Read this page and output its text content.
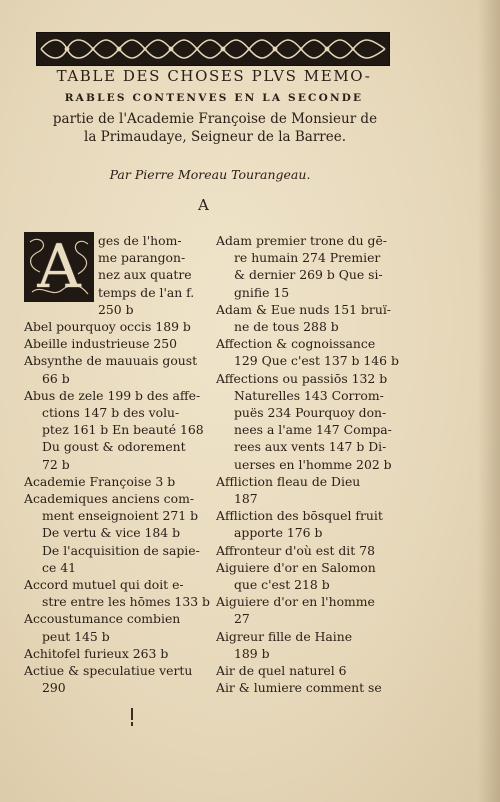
TABLE DES CHOSES PLVS MEMO-
RABLES CONTENVES EN LA SECONDE
partie de l'Academie Françoise de Monsieur de
la Primaudaye, Seigneur de la Barree.
Par Pierre Moreau Tourangeau.
A
A	ges de l'hom-
me parangon-
nez aux quatre
temps de l'an f.
250 b
Abel pourquoy occis 189 b
Abeille industrieuse 250
Absynthe de mauuais goust
66 b
Abus de zele 199 b des affe-
ctions 147 b des volu-
ptez 161 b En beauté 168
Du goust & odorement
72 b
Academie Françoise 3 b
Academiques anciens com-
ment enseignoient 271 b
De vertu & vice 184 b
De l'acquisition de sapie-
ce 41
Accord mutuel qui doit e-
stre entre les hōmes 133 b
Accoustumance combien
peut 145 b
Achitofel furieux 263 b
Actiue & speculatiue vertu
290
Adam premier trone du gē-
re humain 274 Premier
& dernier 269 b Que si-
gnifie 15
Adam & Eue nuds 151 bruï-
ne de tous 288 b
Affection & cognoissance
129 Que c'est 137 b 146 b
Affections ou passiōs 132 b
Naturelles 143 Corrom-
puës 234 Pourquoy don-
nees a l'ame 147 Compa-
rees aux vents 147 b Di-
uerses en l'homme 202 b
Affliction fleau de Dieu
187
Affliction des bōsquel fruit
apporte 176 b
Affronteur d'où est dit 78
Aiguiere d'or en Salomon
que c'est 218 b
Aiguiere d'or en l'homme
27
Aigreur fille de Haine
189 b
Air de quel naturel 6
Air & lumiere comment se
